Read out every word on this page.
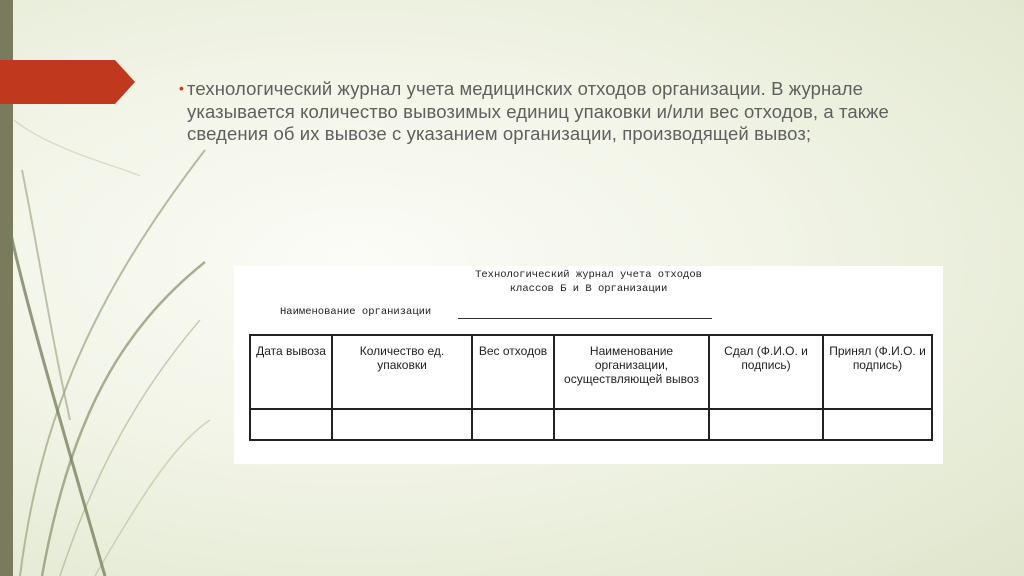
• технологический журнал учета медицинских отходов организации. В журнале указывается количество вывозимых единиц упаковки и/или вес отходов, а также сведения об их вывозе с указанием организации, производящей вывоз;

Технологический журнал учета отходов
классов Б и В организации
Наименование организации
Дата вывоза	Количество ед. упаковки	Вес отходов	Наименование организации, осуществляющей вывоз	Сдал (Ф.И.О. и подпись)	Принял (Ф.И.О. и подпись)
